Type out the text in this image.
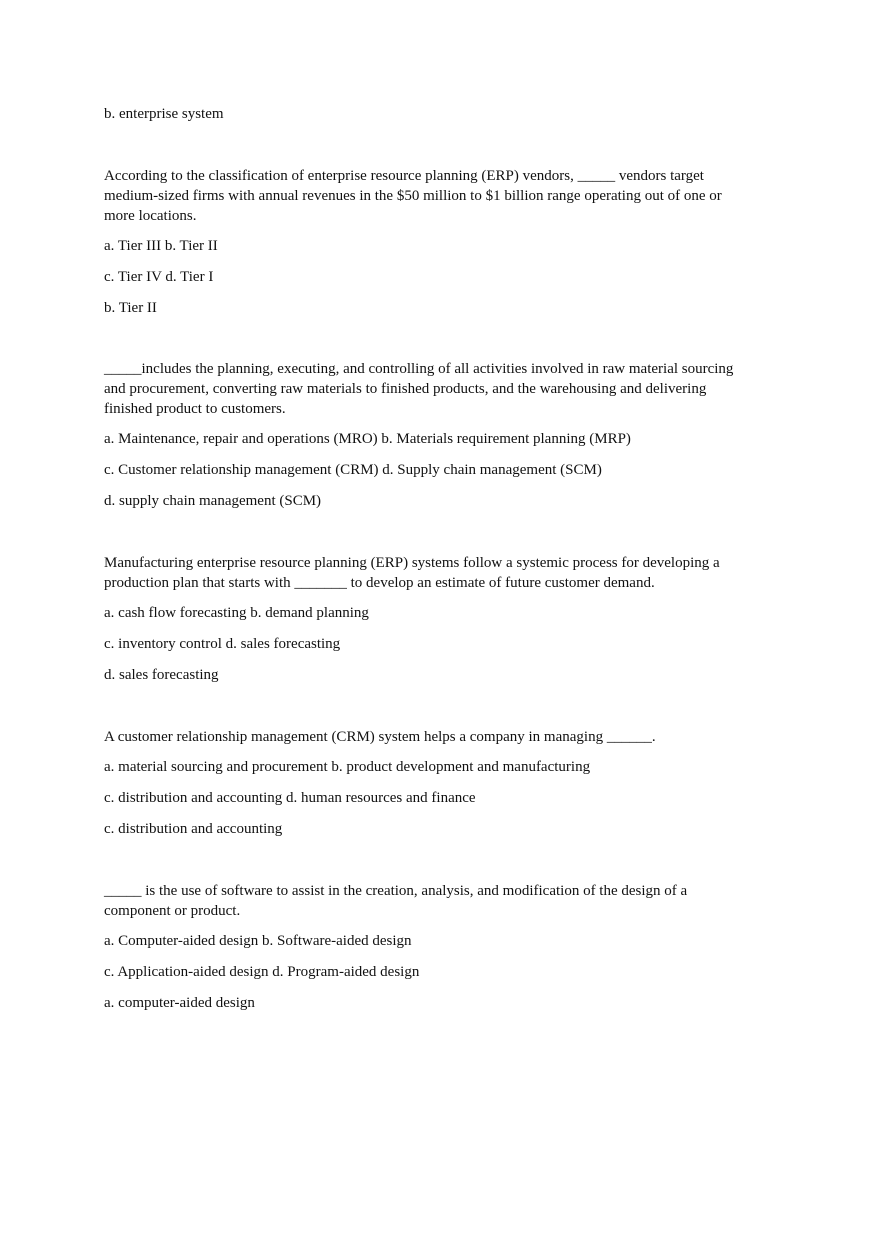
b. enterprise system
According to the classification of enterprise resource planning (ERP) vendors, _____ vendors target
medium-sized firms with annual revenues in the $50 million to $1 billion range operating out of one or
more locations.
a. Tier III b. Tier II
c. Tier IV d. Tier I
b. Tier II
_____includes the planning, executing, and controlling of all activities involved in raw material sourcing
and procurement, converting raw materials to finished products, and the warehousing and delivering
finished product to customers.
a. Maintenance, repair and operations (MRO) b. Materials requirement planning (MRP)
c. Customer relationship management (CRM) d. Supply chain management (SCM)
d. supply chain management (SCM)
Manufacturing enterprise resource planning (ERP) systems follow a systemic process for developing a
production plan that starts with _______ to develop an estimate of future customer demand.
a. cash flow forecasting b. demand planning
c. inventory control d. sales forecasting
d. sales forecasting
A customer relationship management (CRM) system helps a company in managing ______.
a. material sourcing and procurement b. product development and manufacturing
c. distribution and accounting d. human resources and finance
c. distribution and accounting
_____ is the use of software to assist in the creation, analysis, and modification of the design of a
component or product.
a. Computer-aided design b. Software-aided design
c. Application-aided design d. Program-aided design
a. computer-aided design
